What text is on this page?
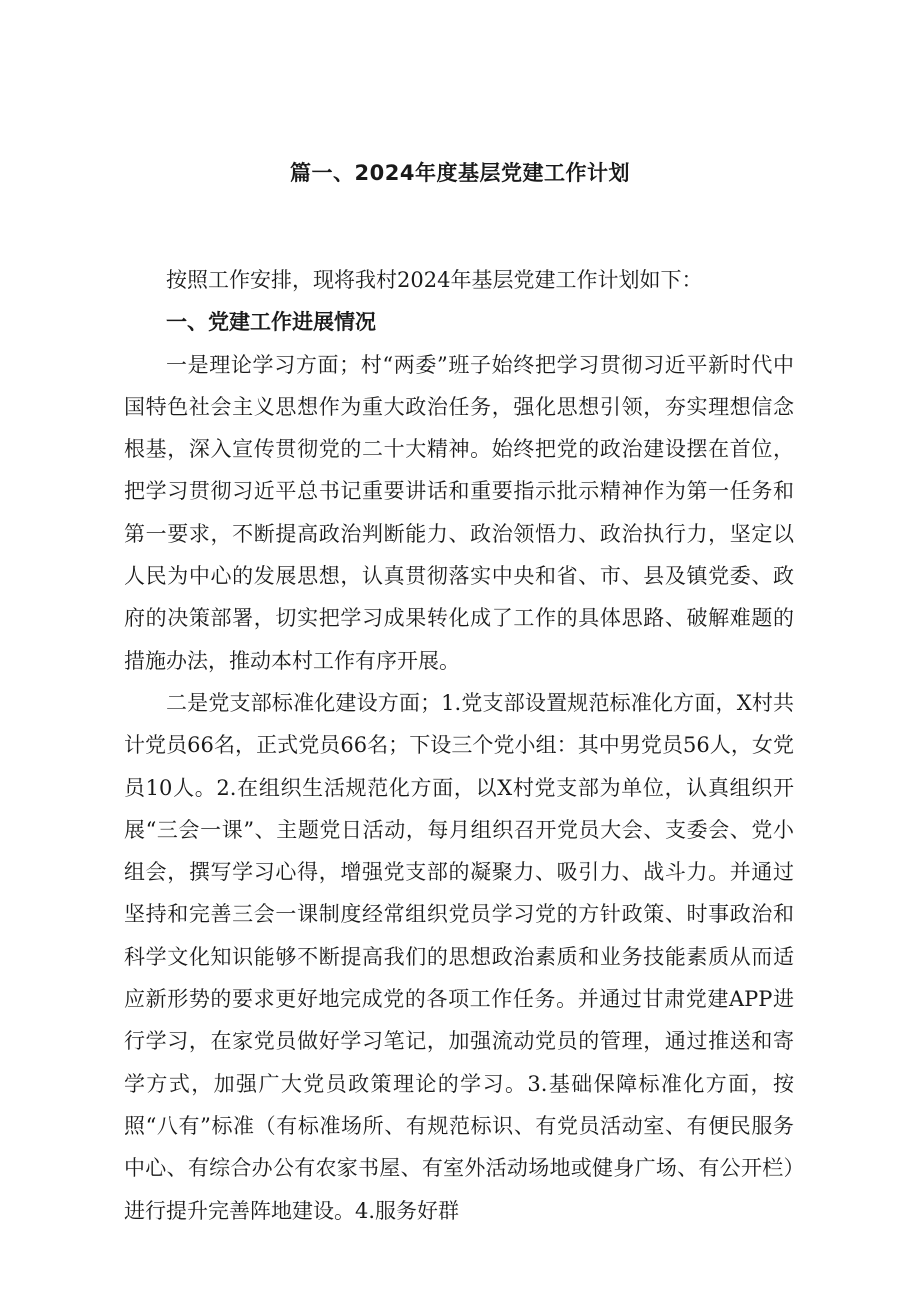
篇一、2024年度基层党建工作计划

按照工作安排，现将我村2024年基层党建工作计划如下：

一、党建工作进展情况

一是理论学习方面；村“两委”班子始终把学习贯彻习近平新时代中国特色社会主义思想作为重大政治任务，强化思想引领，夯实理想信念根基，深入宣传贯彻党的二十大精神。始终把党的政治建设摆在首位，把学习贯彻习近平总书记重要讲话和重要指示批示精神作为第一任务和第一要求，不断提高政治判断能力、政治领悟力、政治执行力，坚定以人民为中心的发展思想，认真贯彻落实中央和省、市、县及镇党委、政府的决策部署，切实把学习成果转化成了工作的具体思路、破解难题的措施办法，推动本村工作有序开展。

二是党支部标准化建设方面；1.党支部设置规范标准化方面，X村共计党员66名，正式党员66名；下设三个党小组：其中男党员56人，女党员10人。2.在组织生活规范化方面，以X村党支部为单位，认真组织开展“三会一课”、主题党日活动，每月组织召开党员大会、支委会、党小组会，撰写学习心得，增强党支部的凝聚力、吸引力、战斗力。并通过坚持和完善三会一课制度经常组织党员学习党的方针政策、时事政治和科学文化知识能够不断提高我们的思想政治素质和业务技能素质从而适应新形势的要求更好地完成党的各项工作任务。并通过甘肃党建APP进行学习，在家党员做好学习笔记，加强流动党员的管理，通过推送和寄学方式，加强广大党员政策理论的学习。3.基础保障标准化方面，按照“八有”标准（有标准场所、有规范标识、有党员活动室、有便民服务中心、有综合办公有农家书屋、有室外活动场地或健身广场、有公开栏）进行提升完善阵地建设。4.服务好群
